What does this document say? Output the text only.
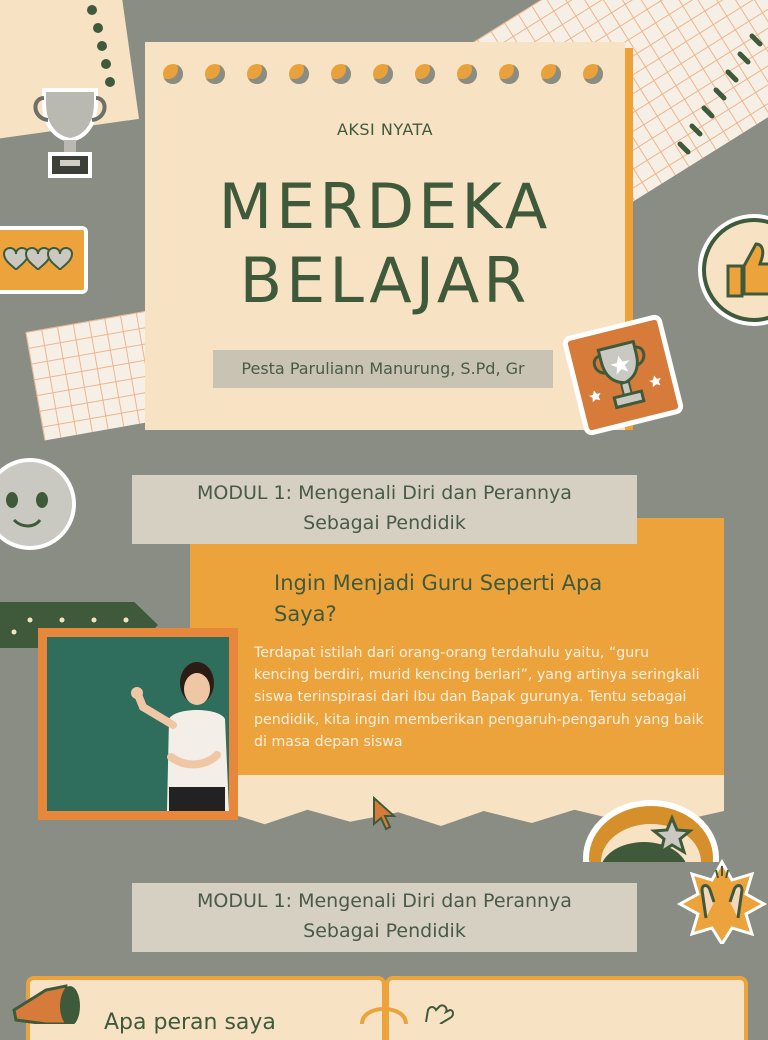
AKSI NYATA
MERDEKA
BELAJAR
Pesta Paruliann Manurung, S.Pd, Gr
MODUL 1: Mengenali Diri dan Perannya
Sebagai Pendidik
Ingin Menjadi Guru Seperti Apa
Saya?
Terdapat istilah dari orang-orang terdahulu yaitu, “guru kencing berdiri, murid kencing berlari”, yang artinya seringkali siswa terinspirasi dari Ibu dan Bapak gurunya. Tentu sebagai pendidik, kita ingin memberikan pengaruh-pengaruh yang baik di masa depan siswa
MODUL 1: Mengenali Diri dan Perannya
Sebagai Pendidik
Apa peran saya
